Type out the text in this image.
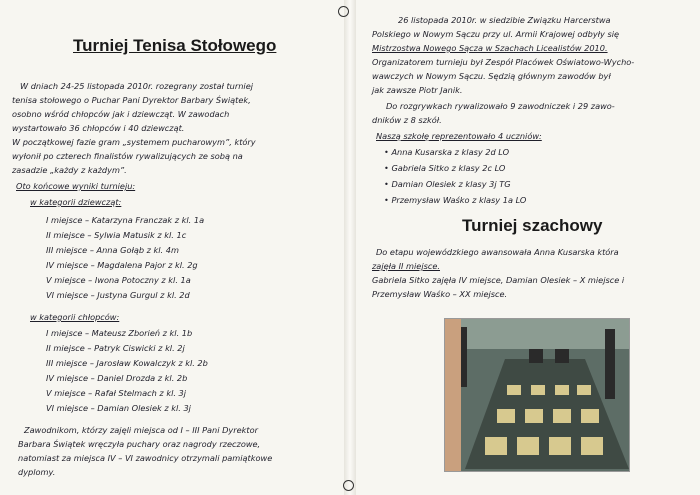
Turniej Tenisa Stołowego
W dniach 24-25 listopada 2010r. rozegrany został turniej
tenisa stołowego o Puchar Pani Dyrektor Barbary Świątek,
osobno wśród chłopców jak i dziewcząt. W zawodach
wystartowało 36 chłopców i 40 dziewcząt.
W początkowej fazie gram „systemem pucharowym”, który
wyłonił po czterech finalistów rywalizujących ze sobą na
zasadzie „każdy z każdym”.
Oto końcowe wyniki turnieju:
w kategorii dziewcząt:
I miejsce – Katarzyna Franczak z kl. 1a
II miejsce – Sylwia Matusik z kl. 1c
III miejsce – Anna Gołąb z kl. 4m
IV miejsce – Magdalena Pajor z kl. 2g
V miejsce – Iwona Potoczny z kl. 1a
VI miejsce – Justyna Gurgul z kl. 2d
w kategorii chłopców:
I miejsce – Mateusz Zborień z kl. 1b
II miejsce – Patryk Ciswicki z kl. 2j
III miejsce – Jarosław Kowalczyk z kl. 2b
IV miejsce – Daniel Drozda z kl. 2b
V miejsce – Rafał Stelmach z kl. 3j
VI miejsce – Damian Olesiek z kl. 3j
Zawodnikom, którzy zajęli miejsca od I – III Pani Dyrektor
Barbara Świątek wręczyła puchary oraz nagrody rzeczowe,
natomiast za miejsca IV – VI zawodnicy otrzymali pamiątkowe
dyplomy.
26 listopada 2010r. w siedzibie Związku Harcerstwa
Polskiego w Nowym Sączu przy ul. Armii Krajowej odbyły się
Mistrzostwa Nowego Sącza w Szachach Licealistów 2010.
Organizatorem turnieju był Zespół Placówek Oświatowo-Wycho-
wawczych w Nowym Sączu. Sędzią głównym zawodów był
jak zawsze Piotr Janik.
Do rozgrywkach rywalizowało 9 zawodniczek i 29 zawo-
dników z 8 szkół.
Naszą szkołę reprezentowało 4 uczniów:
• Anna Kusarska z klasy 2d LO
• Gabriela Sitko z klasy 2c LO
• Damian Olesiek z klasy 3j TG
• Przemysław Waśko z klasy 1a LO
Turniej szachowy
Do etapu wojewódzkiego awansowała Anna Kusarska która
zajęła II miejsce.
Gabriela Sitko zajęła IV miejsce, Damian Olesiek – X miejsce i
Przemysław Waśko – XX miejsce.
